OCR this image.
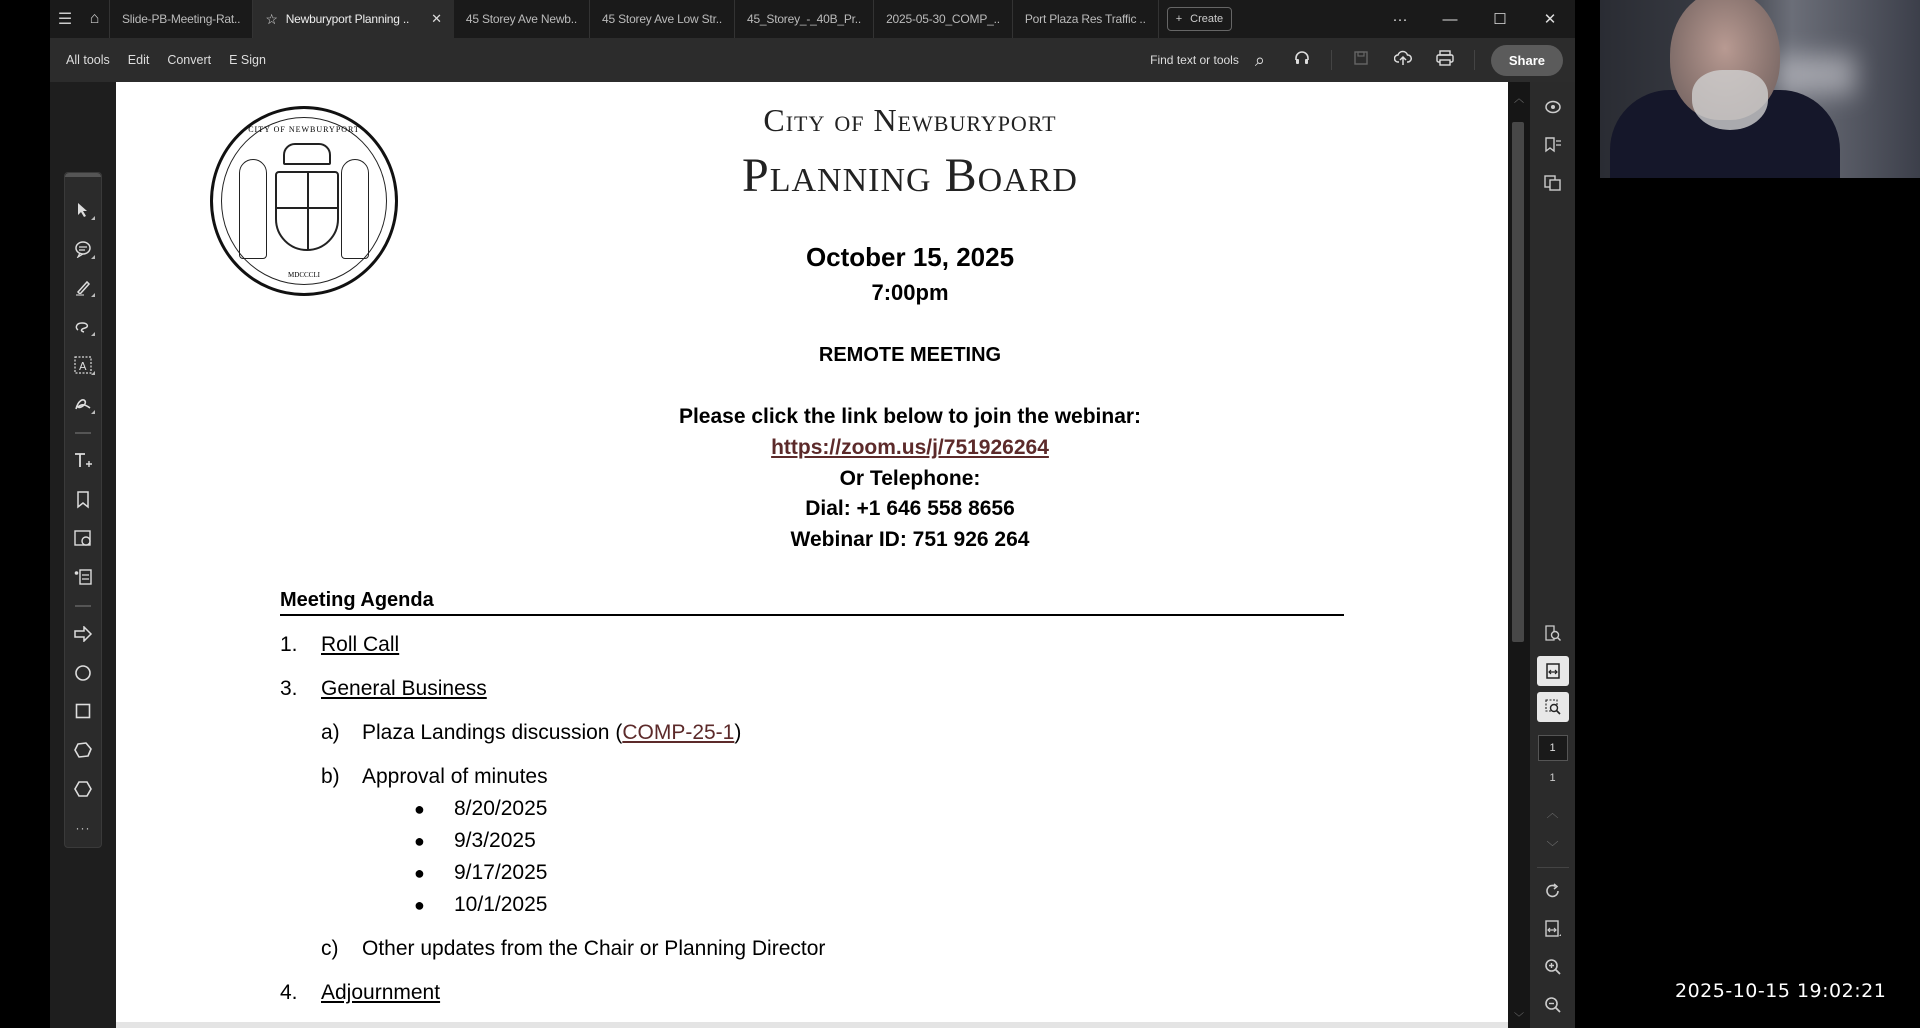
☰	⌂	Slide-PB-Meeting-Rat.. ☆ Newburyport Planning .. ✕ 45 Storey Ave Newb.. 45 Storey Ave Low Str.. 45_Storey_-_40B_Pr.. 2025-05-30_COMP_.. Port Plaza Res Traffic ..	+ Create	···	—	☐	✕
All tools	Edit	Convert	E Sign	Find text or tools ⌕	Share
A
···
CITY OF NEWBURYPORT
MDCCCLI
City of Newburyport
Planning Board
October 15, 2025
7:00pm
REMOTE MEETING
Please click the link below to join the webinar:
https://zoom.us/j/751926264
Or Telephone:
Dial: +1 646 558 8656
Webinar ID: 751 926 264
Meeting Agenda
1. Roll Call
3. General Business
a) Plaza Landings discussion (COMP-25-1)
b) Approval of minutes
● 8/20/2025
● 9/3/2025
● 9/17/2025
● 10/1/2025
c) Other updates from the Chair or Planning Director
4. Adjournment
︿
﹀
1
1
︿
﹀
2025-10-15 19:02:21
